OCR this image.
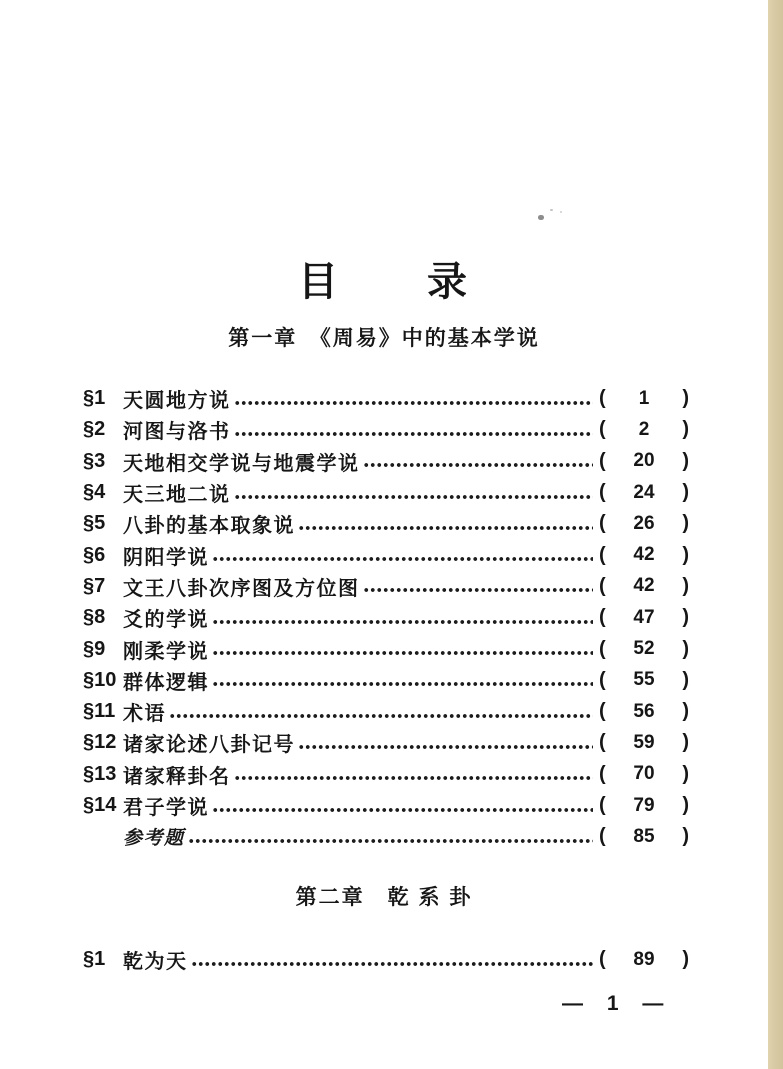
目　　录
第一章　《周易》中的基本学说
§1 天圆地方说	(	1	)
§2 河图与洛书	(	2	)
§3 天地相交学说与地震学说	(	20	)
§4 天三地二说	(	24	)
§5 八卦的基本取象说	(	26	)
§6 阴阳学说	(	42	)
§7 文王八卦次序图及方位图	(	42	)
§8 爻的学说	(	47	)
§9 刚柔学说	(	52	)
§10 群体逻辑	(	55	)
§11 术语	(	56	)
§12 诸家论述八卦记号	(	59	)
§13 诸家释卦名	(	70	)
§14 君子学说	(	79	)
参考题	(	85	)
第二章　乾 系 卦
§1 乾为天	(	89	)
— 1 —
